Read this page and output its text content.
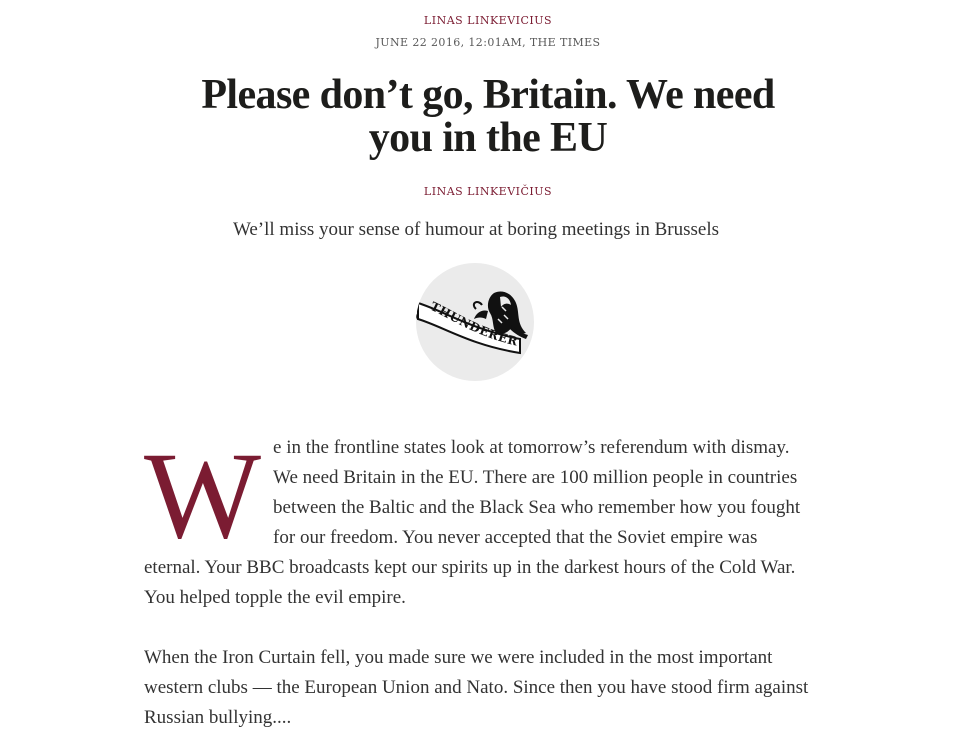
LINAS LINKEVICIUS
JUNE 22 2016, 12:01AM, THE TIMES
Please don’t go, Britain. We need you in the EU
LINAS LINKEVIČIUS
We’ll miss your sense of humour at boring meetings in Brussels
THUNDERER

We in the frontline states look at tomorrow’s referendum with dismay. We need Britain in the EU. There are 100 million people in countries between the Baltic and the Black Sea who remember how you fought for our freedom. You never accepted that the Soviet empire was eternal. Your BBC broadcasts kept our spirits up in the darkest hours of the Cold War. You helped topple the evil empire.

When the Iron Curtain fell, you made sure we were included in the most important western clubs — the European Union and Nato. Since then you have stood firm against Russian bullying....
